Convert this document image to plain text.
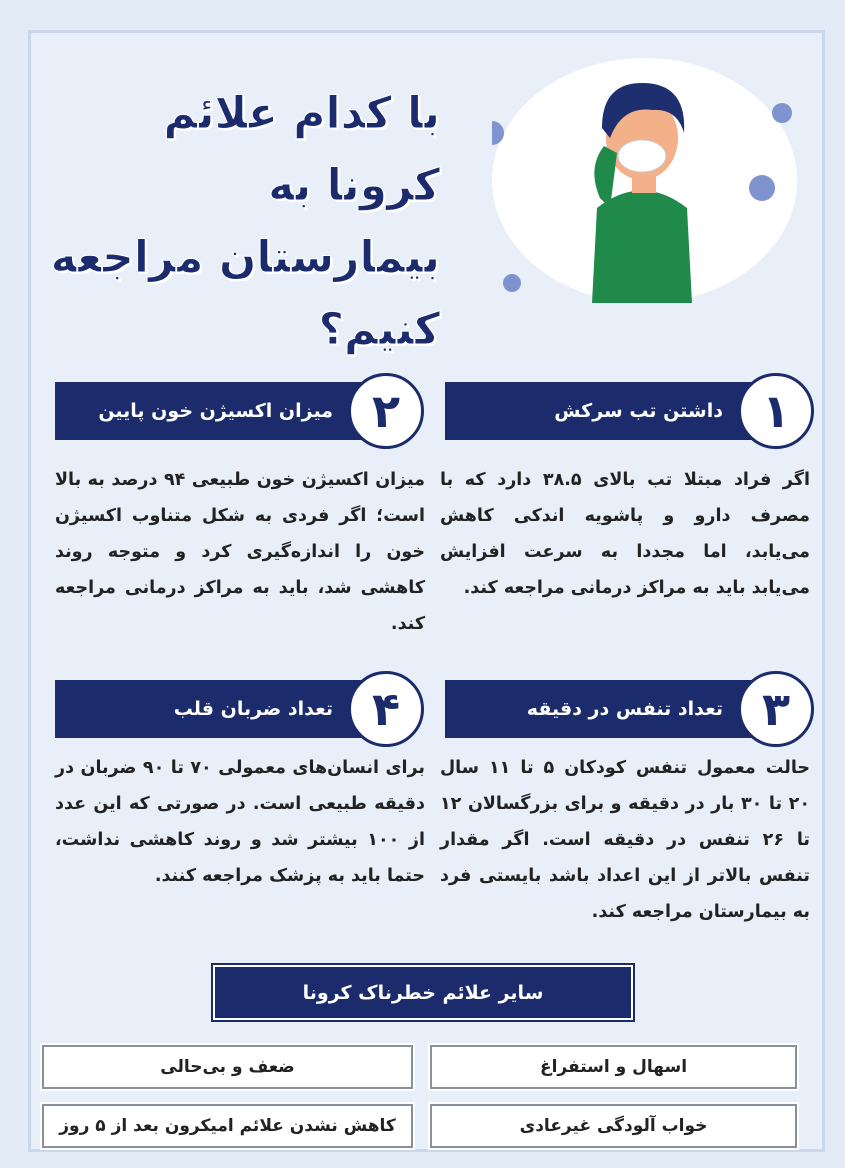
با کدام علائم کرونا به بیمارستان مراجعه کنیم؟
داشتن تب سرکش ۱
اگر فراد مبتلا تب بالای ۳۸.۵ دارد که با مصرف دارو و پاشویه اندکی کاهش می‌یابد، اما مجددا به سرعت افزایش می‌یابد باید به مراکز درمانی مراجعه کند.
میزان اکسیژن خون پایین ۲
میزان اکسیژن خون طبیعی ۹۴ درصد به بالا است؛ اگر فردی به شکل متناوب اکسیژن خون را اندازه‌گیری کرد و متوجه روند کاهشی شد، باید به مراکز درمانی مراجعه کند.
تعداد تنفس در دقیقه ۳
حالت معمول تنفس کودکان ۵ تا ۱۱ سال ۲۰ تا ۳۰ بار در دقیقه و برای بزرگسالان ۱۲ تا ۲۶ تنفس در دقیقه است. اگر مقدار تنفس بالاتر از این اعداد باشد بایستی فرد به بیمارستان مراجعه کند.
تعداد ضربان قلب ۴
برای انسان‌های معمولی ۷۰ تا ۹۰ ضربان در دقیقه طبیعی است. در صورتی که این عدد از ۱۰۰ بیشتر شد و روند کاهشی نداشت، حتما باید به پزشک مراجعه کنند.
سایر علائم خطرناک کرونا
اسهال و استفراغ
ضعف و بی‌حالی
خواب آلودگی غیرعادی
کاهش نشدن علائم امیکرون بعد از ۵ روز
